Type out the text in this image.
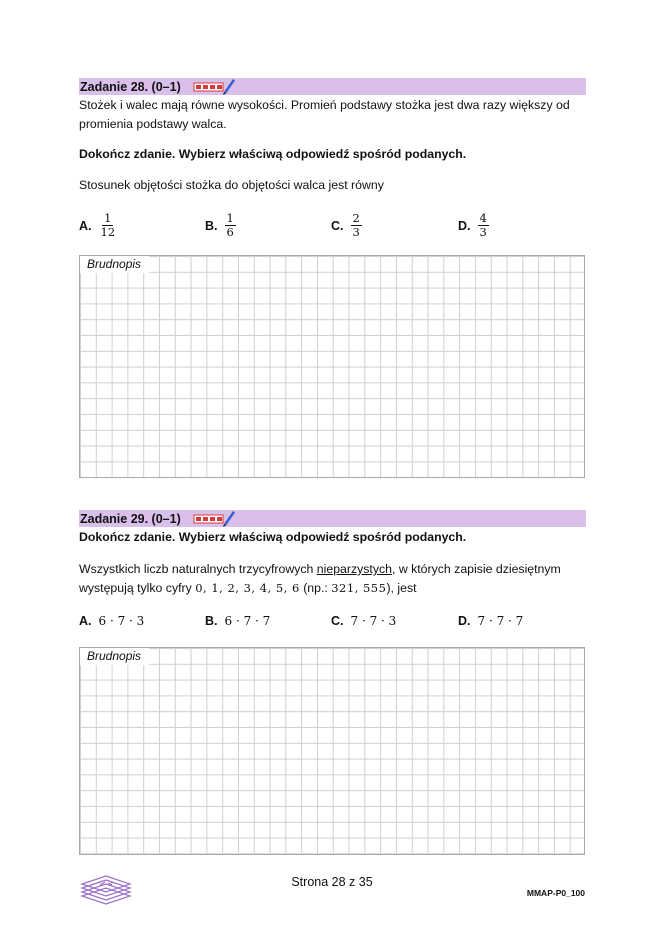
Zadanie 28. (0–1)
Stożek i walec mają równe wysokości. Promień podstawy stożka jest dwa razy większy od promienia podstawy walca.
Dokończ zdanie. Wybierz właściwą odpowiedź spośród podanych.
Stosunek objętości stożka do objętości walca jest równy
A. $\frac{1}{12}$	B. $\frac{1}{6}$	C. $\frac{2}{3}$	D. $\frac{4}{3}$
Brudnopis
Zadanie 29. (0–1)
Dokończ zdanie. Wybierz właściwą odpowiedź spośród podanych.
Wszystkich liczb naturalnych trzycyfrowych nieparzystych, w których zapisie dziesiętnym
występują tylko cyfry 0, 1, 2, 3, 4, 5, 6 (np.: 321, 555), jest
A. 6 · 7 · 3	B. 6 · 7 · 7	C. 7 · 7 · 3	D. 7 · 7 · 7
Brudnopis
Strona 28 z 35
MMAP-P0_100
